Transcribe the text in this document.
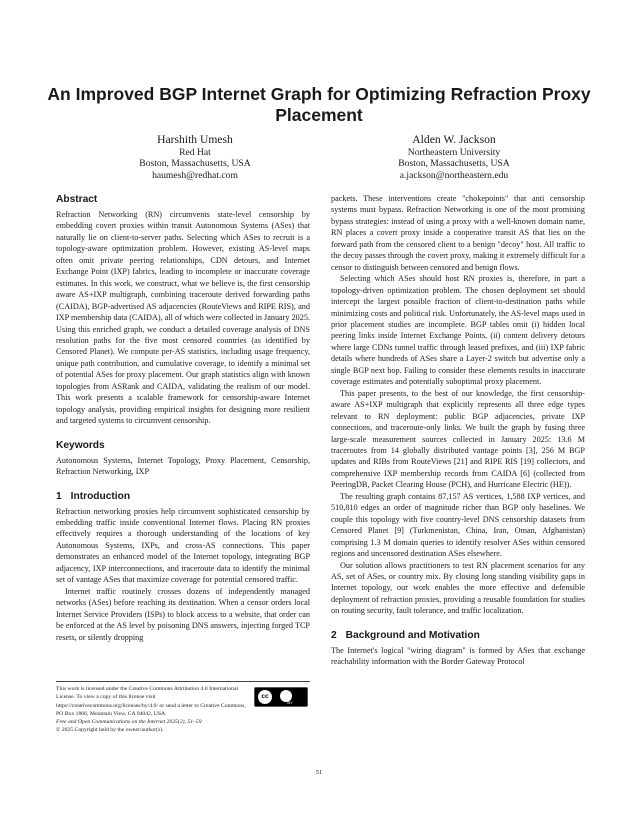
An Improved BGP Internet Graph for Optimizing Refraction Proxy Placement
Harshith Umesh
Red Hat
Boston, Massachusetts, USA
haumesh@redhat.com
Alden W. Jackson
Northeastern University
Boston, Massachusetts, USA
a.jackson@northeastern.edu
Abstract

Refraction Networking (RN) circumvents state-level censorship by embedding covert proxies within transit Autonomous Systems (ASes) that naturally lie on client-to-server paths. Selecting which ASes to recruit is a topology-aware optimization problem. However, existing AS-level maps often omit private peering relationships, CDN detours, and Internet Exchange Point (IXP) fabrics, leading to incomplete or inaccurate coverage estimates. In this work, we construct, what we believe is, the first censorship aware AS+IXP multigraph, combining traceroute derived forwarding paths (CAIDA), BGP-advertised AS adjacencies (RouteViews and RIPE RIS), and IXP membership data (CAIDA), all of which were collected in January 2025. Using this enriched graph, we conduct a detailed coverage analysis of DNS resolution paths for the five most censored countries (as identified by Censored Planet). We compute per-AS statistics, including usage frequency, unique path contribution, and cumulative coverage, to identify a minimal set of potential ASes for proxy placement. Our graph statistics align with known topologies from ASRank and CAIDA, validating the realism of our model. This work presents a scalable framework for censorship-aware Internet topology analysis, providing empirical insights for designing more resilient and targeted systems to circumvent censorship.

Keywords

Autonomous Systems, Internet Topology, Proxy Placement, Censorship, Refraction Networking, IXP

1 Introduction

Refraction networking proxies help circumvent sophisticated censorship by embedding traffic inside conventional Internet flows. Placing RN proxies effectively requires a thorough understanding of the locations of key Autonomous Systems, IXPs, and cross-AS connections. This paper demonstrates an enhanced model of the Internet topology, integrating BGP adjacency, IXP interconnections, and traceroute data to identify the minimal set of vantage ASes that maximize coverage for potential censored traffic.

Internet traffic routinely crosses dozens of independently managed networks (ASes) before reaching its destination. When a censor orders local Internet Service Providers (ISPs) to block access to a website, that order can be enforced at the AS level by poisoning DNS answers, injecting forged TCP resets, or silently dropping

packets. These interventions create "chokepoints" that anti censorship systems must bypass. Refraction Networking is one of the most promising bypass strategies: instead of using a proxy with a well-known domain name, RN places a covert proxy inside a cooperative transit AS that lies on the forward path from the censored client to a benign "decoy" host. All traffic to the decoy passes through the covert proxy, making it extremely difficult for a censor to distinguish between censored and benign flows.

Selecting which ASes should host RN proxies is, therefore, in part a topology-driven optimization problem. The chosen deployment set should intercept the largest possible fraction of client-to-destination paths while minimizing costs and political risk. Unfortunately, the AS-level maps used in prior placement studies are incomplete. BGP tables omit (i) hidden local peering links inside Internet Exchange Points, (ii) content delivery detours where large CDNs tunnel traffic through leased prefixes, and (iii) IXP fabric details where hundreds of ASes share a Layer-2 switch but advertise only a single BGP next hop. Failing to consider these elements results in inaccurate coverage estimates and potentially suboptimal proxy placement.

This paper presents, to the best of our knowledge, the first censorship-aware AS+IXP multigraph that explicitly represents all three edge types relevant to RN deployment: public BGP adjacencies, private IXP connections, and traceroute-only links. We built the graph by fusing three large-scale measurement sources collected in January 2025: 13.6 M traceroutes from 14 globally distributed vantage points [3], 256 M BGP updates and RIBs from RouteViews [21] and RIPE RIS [19] collectors, and comprehensive IXP membership records from CAIDA [6] (collected from PeeringDB, Packet Clearing House (PCH), and Hurricane Electric (HE)).

The resulting graph contains 87,157 AS vertices, 1,588 IXP vertices, and 510,810 edges an order of magnitude richer than BGP only baselines. We couple this topology with five country-level DNS censorship datasets from Censored Planet [9] (Turkmenistan, China, Iran, Oman, Afghanistan) comprising 1.3 M domain queries to identify resolver ASes within censored regions and uncensored destination ASes elsewhere.

Our solution allows practitioners to test RN placement scenarios for any AS, set of ASes, or country mix. By closing long standing visibility gaps in Internet topology, our work enables the more effective and defensible deployment of refraction proxies, providing a reusable foundation for studies on routing security, fault tolerance, and traffic localization.

2 Background and Motivation

The Internet's logical "wiring diagram" is formed by ASes that exchange reachability information with the Border Gateway Protocol

This work is licensed under the Creative Commons Attribution 4.0 International License. To view a copy of this license visit https://creativecommons.org/licenses/by/4.0/ or send a letter to Creative Commons, PO Box 1866, Mountain View, CA 94042, USA.
Free and Open Communications on the Internet 2025(2), 51–59
© 2025 Copyright held by the owner/author(s).
cc
BY
51
